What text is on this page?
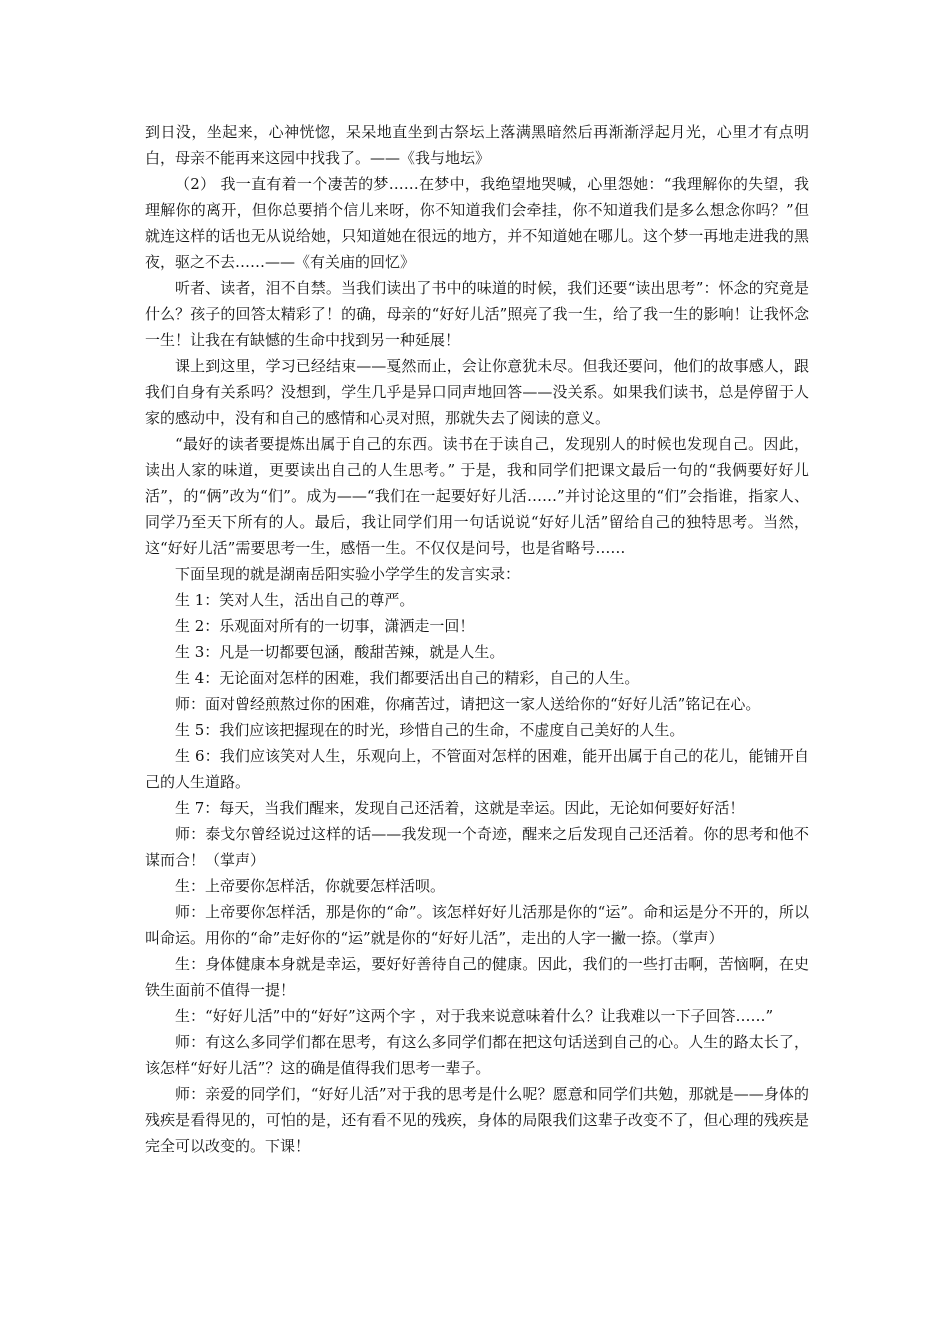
到日没，坐起来，心神恍惚，呆呆地直坐到古祭坛上落满黑暗然后再渐渐浮起月光，心里才有点明白，母亲不能再来这园中找我了。——《我与地坛》

（2） 我一直有着一个凄苦的梦……在梦中，我绝望地哭喊，心里怨她：“我理解你的失望，我理解你的离开，但你总要捎个信儿来呀，你不知道我们会牵挂，你不知道我们是多么想念你吗？”但就连这样的话也无从说给她，只知道她在很远的地方，并不知道她在哪儿。这个梦一再地走进我的黑夜，驱之不去……——《有关庙的回忆》

听者、读者，泪不自禁。当我们读出了书中的味道的时候，我们还要“读出思考”：怀念的究竟是什么？孩子的回答太精彩了！的确，母亲的“好好儿活”照亮了我一生，给了我一生的影响！让我怀念一生！让我在有缺憾的生命中找到另一种延展！

课上到这里，学习已经结束——戛然而止，会让你意犹未尽。但我还要问，他们的故事感人，跟我们自身有关系吗？没想到，学生几乎是异口同声地回答——没关系。如果我们读书，总是停留于人家的感动中，没有和自己的感情和心灵对照，那就失去了阅读的意义。

“最好的读者要提炼出属于自己的东西。读书在于读自己，发现别人的时候也发现自己。因此，读出人家的味道，更要读出自己的人生思考。” 于是，我和同学们把课文最后一句的“我俩要好好儿活”，的“俩”改为“们”。成为——“我们在一起要好好儿活……”并讨论这里的“们”会指谁，指家人、同学乃至天下所有的人。最后，我让同学们用一句话说说“好好儿活”留给自己的独特思考。当然，这“好好儿活”需要思考一生，感悟一生。不仅仅是问号，也是省略号……

下面呈现的就是湖南岳阳实验小学学生的发言实录：

生 1：笑对人生，活出自己的尊严。

生 2：乐观面对所有的一切事，潇洒走一回！

生 3：凡是一切都要包涵，酸甜苦辣，就是人生。

生 4：无论面对怎样的困难，我们都要活出自己的精彩，自己的人生。

师：面对曾经煎熬过你的困难，你痛苦过，请把这一家人送给你的“好好儿活”铭记在心。

生 5：我们应该把握现在的时光，珍惜自己的生命，不虚度自己美好的人生。

生 6：我们应该笑对人生，乐观向上，不管面对怎样的困难，能开出属于自己的花儿，能铺开自己的人生道路。

生 7：每天，当我们醒来，发现自己还活着，这就是幸运。因此，无论如何要好好活！

师：泰戈尔曾经说过这样的话——我发现一个奇迹，醒来之后发现自己还活着。你的思考和他不谋而合！（掌声）

生：上帝要你怎样活，你就要怎样活呗。

师：上帝要你怎样活，那是你的“命”。该怎样好好儿活那是你的“运”。命和运是分不开的，所以叫命运。用你的“命”走好你的“运”就是你的“好好儿活”，走出的人字一撇一捺。（掌声）

生：身体健康本身就是幸运，要好好善待自己的健康。因此，我们的一些打击啊，苦恼啊，在史铁生面前不值得一提！

生：“好好儿活”中的“好好”这两个字 ，对于我来说意味着什么？让我难以一下子回答……”

师：有这么多同学们都在思考，有这么多同学们都在把这句话送到自己的心。人生的路太长了，该怎样“好好儿活”？这的确是值得我们思考一辈子。

师：亲爱的同学们，“好好儿活”对于我的思考是什么呢？愿意和同学们共勉，那就是——身体的残疾是看得见的，可怕的是，还有看不见的残疾，身体的局限我们这辈子改变不了，但心理的残疾是完全可以改变的。下课！
